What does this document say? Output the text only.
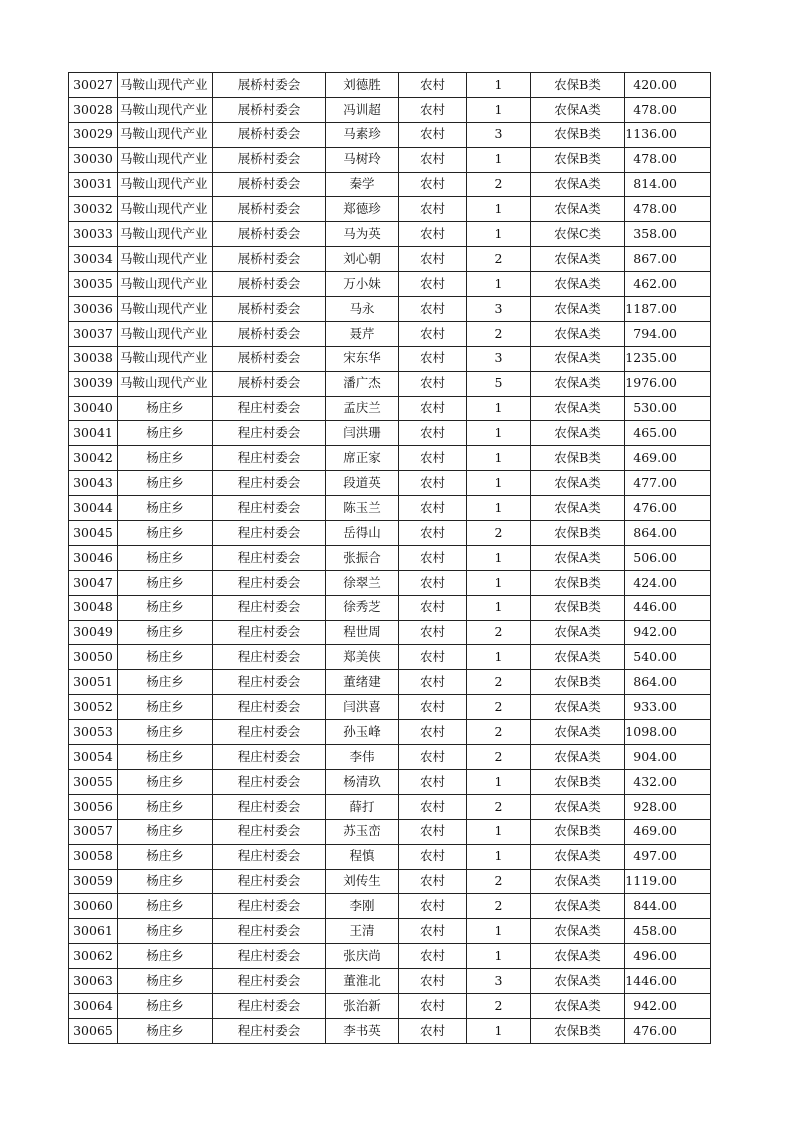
30027	马鞍山现代产业	展桥村委会	刘德胜	农村	1	农保B类	420.00
30028	马鞍山现代产业	展桥村委会	冯训超	农村	1	农保A类	478.00
30029	马鞍山现代产业	展桥村委会	马素珍	农村	3	农保B类	1136.00
30030	马鞍山现代产业	展桥村委会	马树玲	农村	1	农保B类	478.00
30031	马鞍山现代产业	展桥村委会	秦学	农村	2	农保A类	814.00
30032	马鞍山现代产业	展桥村委会	郑德珍	农村	1	农保A类	478.00
30033	马鞍山现代产业	展桥村委会	马为英	农村	1	农保C类	358.00
30034	马鞍山现代产业	展桥村委会	刘心朝	农村	2	农保A类	867.00
30035	马鞍山现代产业	展桥村委会	万小妹	农村	1	农保A类	462.00
30036	马鞍山现代产业	展桥村委会	马永	农村	3	农保A类	1187.00
30037	马鞍山现代产业	展桥村委会	聂芹	农村	2	农保A类	794.00
30038	马鞍山现代产业	展桥村委会	宋东华	农村	3	农保A类	1235.00
30039	马鞍山现代产业	展桥村委会	潘广杰	农村	5	农保A类	1976.00
30040	杨庄乡	程庄村委会	孟庆兰	农村	1	农保A类	530.00
30041	杨庄乡	程庄村委会	闫洪珊	农村	1	农保A类	465.00
30042	杨庄乡	程庄村委会	席正家	农村	1	农保B类	469.00
30043	杨庄乡	程庄村委会	段道英	农村	1	农保A类	477.00
30044	杨庄乡	程庄村委会	陈玉兰	农村	1	农保A类	476.00
30045	杨庄乡	程庄村委会	岳得山	农村	2	农保B类	864.00
30046	杨庄乡	程庄村委会	张振合	农村	1	农保A类	506.00
30047	杨庄乡	程庄村委会	徐翠兰	农村	1	农保B类	424.00
30048	杨庄乡	程庄村委会	徐秀芝	农村	1	农保B类	446.00
30049	杨庄乡	程庄村委会	程世周	农村	2	农保A类	942.00
30050	杨庄乡	程庄村委会	郑美侠	农村	1	农保A类	540.00
30051	杨庄乡	程庄村委会	董绪建	农村	2	农保B类	864.00
30052	杨庄乡	程庄村委会	闫洪喜	农村	2	农保A类	933.00
30053	杨庄乡	程庄村委会	孙玉峰	农村	2	农保A类	1098.00
30054	杨庄乡	程庄村委会	李伟	农村	2	农保A类	904.00
30055	杨庄乡	程庄村委会	杨清玖	农村	1	农保B类	432.00
30056	杨庄乡	程庄村委会	薛打	农村	2	农保A类	928.00
30057	杨庄乡	程庄村委会	苏玉峦	农村	1	农保B类	469.00
30058	杨庄乡	程庄村委会	程慎	农村	1	农保A类	497.00
30059	杨庄乡	程庄村委会	刘传生	农村	2	农保A类	1119.00
30060	杨庄乡	程庄村委会	李刚	农村	2	农保A类	844.00
30061	杨庄乡	程庄村委会	王清	农村	1	农保A类	458.00
30062	杨庄乡	程庄村委会	张庆尚	农村	1	农保A类	496.00
30063	杨庄乡	程庄村委会	董淮北	农村	3	农保A类	1446.00
30064	杨庄乡	程庄村委会	张治新	农村	2	农保A类	942.00
30065	杨庄乡	程庄村委会	李书英	农村	1	农保B类	476.00
